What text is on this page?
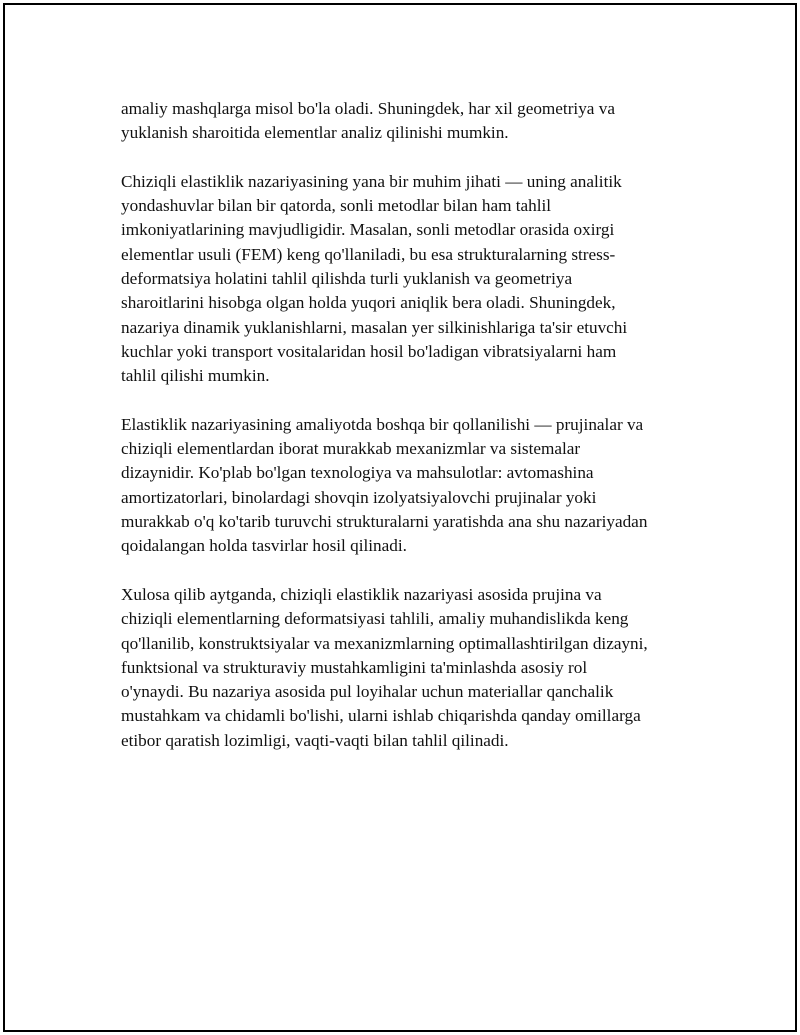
amaliy mashqlarga misol bo'la oladi. Shuningdek, har xil geometriya va
yuklanish sharoitida elementlar analiz qilinishi mumkin.

Chiziqli elastiklik nazariyasining yana bir muhim jihati — uning analitik
yondashuvlar bilan bir qatorda, sonli metodlar bilan ham tahlil
imkoniyatlarining mavjudligidir. Masalan, sonli metodlar orasida oxirgi
elementlar usuli (FEM) keng qo'llaniladi, bu esa strukturalarning stress-
deformatsiya holatini tahlil qilishda turli yuklanish va geometriya
sharoitlarini hisobga olgan holda yuqori aniqlik bera oladi. Shuningdek,
nazariya dinamik yuklanishlarni, masalan yer silkinishlariga ta'sir etuvchi
kuchlar yoki transport vositalaridan hosil bo'ladigan vibratsiyalarni ham
tahlil qilishi mumkin.

Elastiklik nazariyasining amaliyotda boshqa bir qollanilishi — prujinalar va
chiziqli elementlardan iborat murakkab mexanizmlar va sistemalar
dizaynidir. Ko'plab bo'lgan texnologiya va mahsulotlar: avtomashina
amortizatorlari, binolardagi shovqin izolyatsiyalovchi prujinalar yoki
murakkab o'q ko'tarib turuvchi strukturalarni yaratishda ana shu nazariyadan
qoidalangan holda tasvirlar hosil qilinadi.

Xulosa qilib aytganda, chiziqli elastiklik nazariyasi asosida prujina va
chiziqli elementlarning deformatsiyasi tahlili, amaliy muhandislikda keng
qo'llanilib, konstruktsiyalar va mexanizmlarning optimallashtirilgan dizayni,
funktsional va strukturaviy mustahkamligini ta'minlashda asosiy rol
o'ynaydi. Bu nazariya asosida pul loyihalar uchun materiallar qanchalik
mustahkam va chidamli bo'lishi, ularni ishlab chiqarishda qanday omillarga
etibor qaratish lozimligi, vaqti-vaqti bilan tahlil qilinadi.
